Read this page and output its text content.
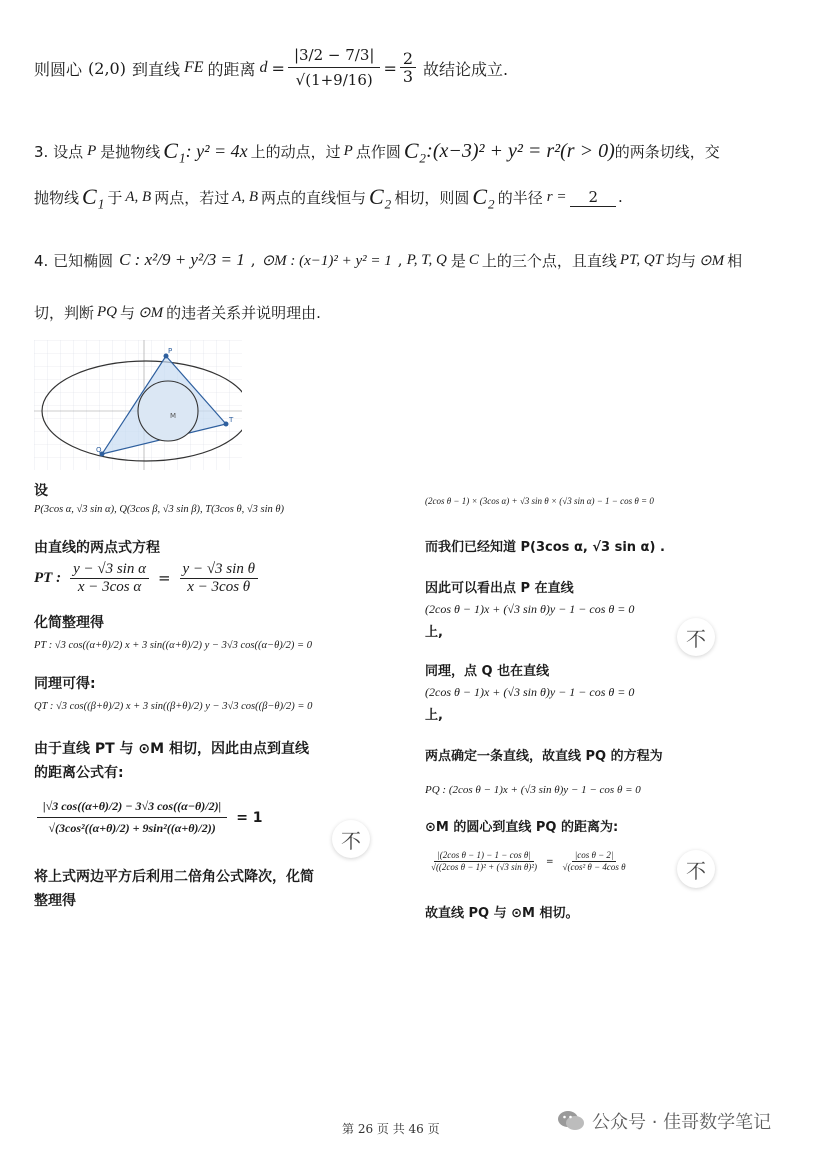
则圆心 (2,0) 到直线 FE 的距离 $d = \frac{|3/2 - 7/3|}{√(1+9/16)} = \frac{2}{3}$ 故结论成立.
3. 设点 P 是抛物线 C₁ : y² = 4x 上的动点，过 P 点作圆 C₂ :(x−3)² + y² = r²(r > 0) 的两条切线，交
抛物线 C₁ 于 A, B 两点，若过 A, B 两点的直线恒与 C₂ 相切，则圆 C₂ 的半径 r =	2	.
4. 已知椭圆 C : x²/9 + y²/3 = 1 , ⊙M : (x−1)² + y² = 1 , P, T, Q 是 C 上的三个点，且直线 PT, QT 均与 ⊙M 相
切，判断 PQ 与 ⊙M 的违者关系并说明理由.
P
T
Q
M
设
P(3cos α, √3 sin α), Q(3cos β, √3 sin β), T(3cos θ, √3 sin θ)
由直线的两点式方程
PT : $\frac{\text{y − √3 sin α}}{\text{x − 3cos α}} = \frac{\text{y − √3 sin θ}}{\text{x − 3cos θ}}$
化简整理得
PT : √3 cos((α+θ)/2) x + 3 sin((α+θ)/2) y − 3√3 cos((α−θ)/2) = 0
同理可得:
QT : √3 cos((β+θ)/2) x + 3 sin((β+θ)/2) y − 3√3 cos((β−θ)/2) = 0
由于直线 PT 与 ⊙M 相切，因此由点到直线
的距离公式有:
$\frac{|√3 \cos((\alpha+\theta)/2) - 3√3 \cos((\alpha-\theta)/2)|}{\text{√(3cos²((α+θ)/2) + 9sin²((α+θ)/2))}} = 1$
将上式两边平方后利用二倍角公式降次，化简
整理得
不
(2cos θ − 1) × (3cos α) + √3 sin θ × (√3 sin α) − 1 − cos θ = 0
而我们已经知道 P(3cos α, √3 sin α) .
因此可以看出点 P 在直线
(2cos θ − 1)x + (√3 sin θ)y − 1 − cos θ = 0
上,
同理，点 Q 也在直线
(2cos θ − 1)x + (√3 sin θ)y − 1 − cos θ = 0
上,
两点确定一条直线，故直线 PQ 的方程为
PQ : (2cos θ − 1)x + (√3 sin θ)y − 1 − cos θ = 0
⊙M 的圆心到直线 PQ 的距离为:
$\frac{\text{|(2cos θ − 1) − 1 − cos θ|}}{\text{√((2cos θ − 1)² + (√3 sin θ)²)}} = \frac{\text{|cos θ − 2|}}{\text{√(cos² θ − 4cos θ}}$
故直线 PQ 与 ⊙M 相切。
不
不
第 26 页 共 46 页	公众号 · 佳哥数学笔记
